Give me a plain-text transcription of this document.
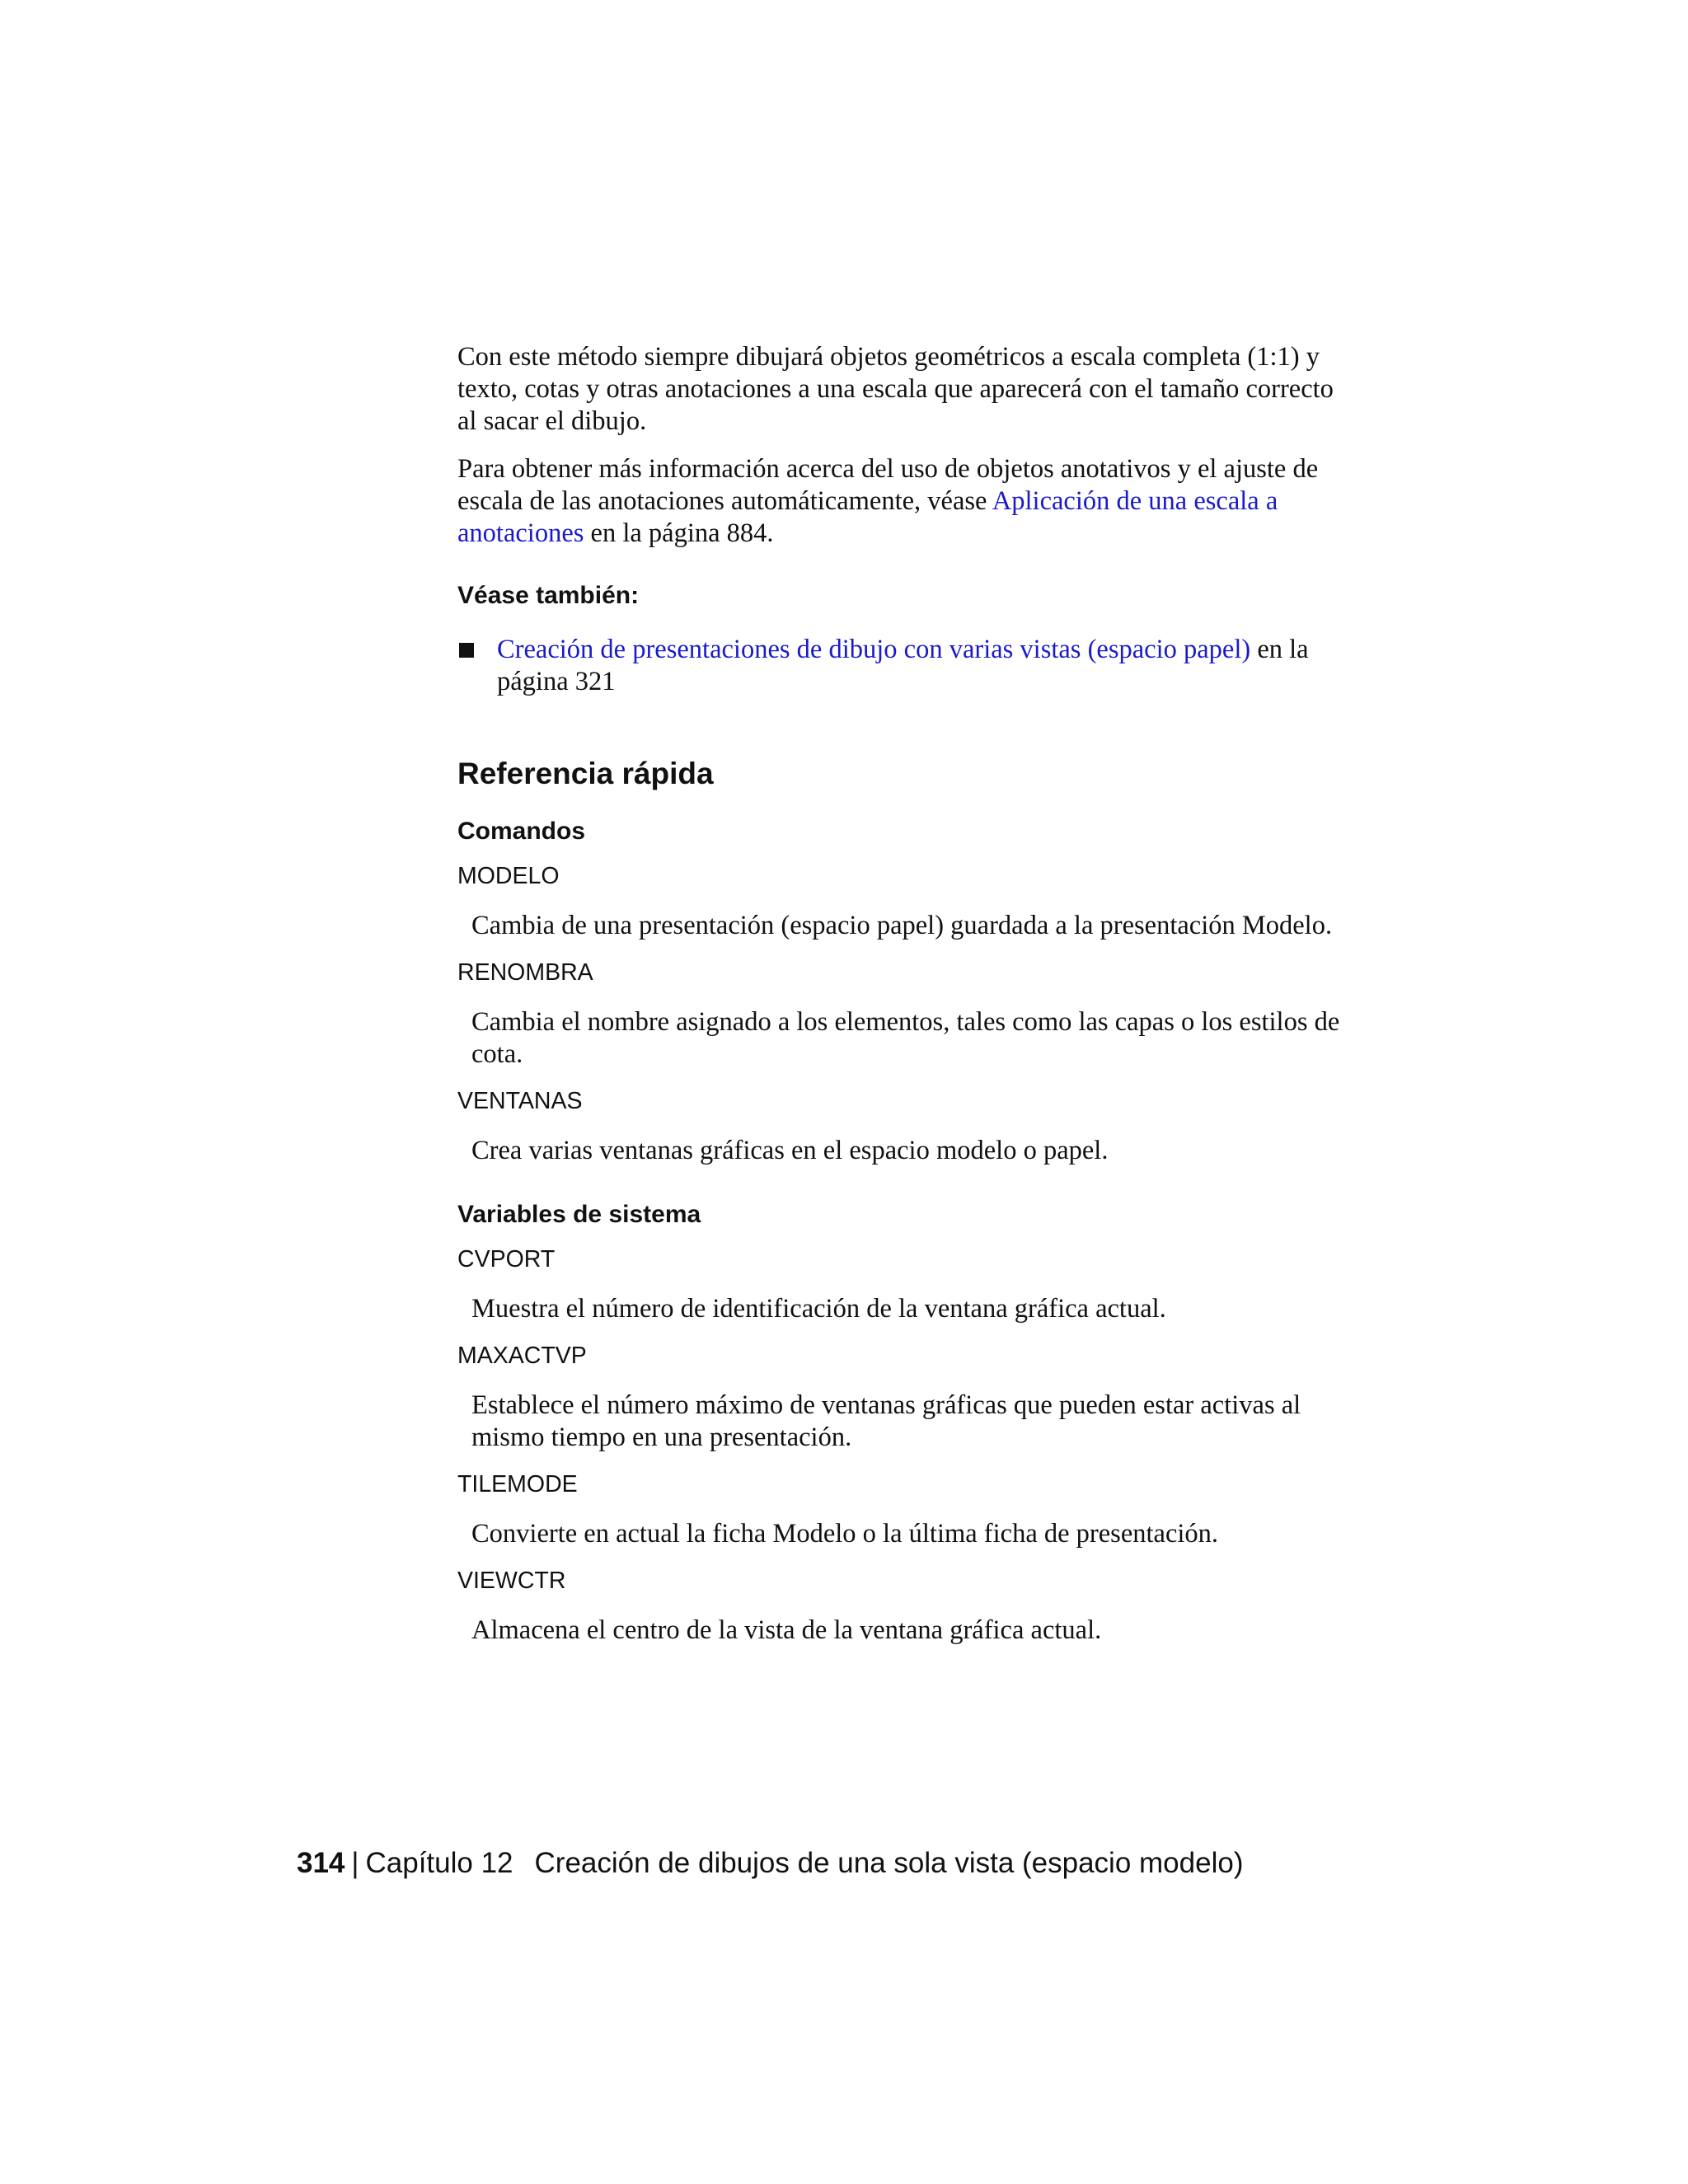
Con este método siempre dibujará objetos geométricos a escala completa (1:1) y texto, cotas y otras anotaciones a una escala que aparecerá con el tamaño correcto al sacar el dibujo.

Para obtener más información acerca del uso de objetos anotativos y el ajuste de escala de las anotaciones automáticamente, véase Aplicación de una escala a anotaciones en la página 884.

Véase también:
Creación de presentaciones de dibujo con varias vistas (espacio papel) en la página 321
Referencia rápida
Comandos
MODELO
Cambia de una presentación (espacio papel) guardada a la presentación Modelo.
RENOMBRA
Cambia el nombre asignado a los elementos, tales como las capas o los estilos de cota.
VENTANAS
Crea varias ventanas gráficas en el espacio modelo o papel.
Variables de sistema
CVPORT
Muestra el número de identificación de la ventana gráfica actual.
MAXACTVP
Establece el número máximo de ventanas gráficas que pueden estar activas al mismo tiempo en una presentación.
TILEMODE
Convierte en actual la ficha Modelo o la última ficha de presentación.
VIEWCTR
Almacena el centro de la vista de la ventana gráfica actual.
314 | Capítulo 12 Creación de dibujos de una sola vista (espacio modelo)
